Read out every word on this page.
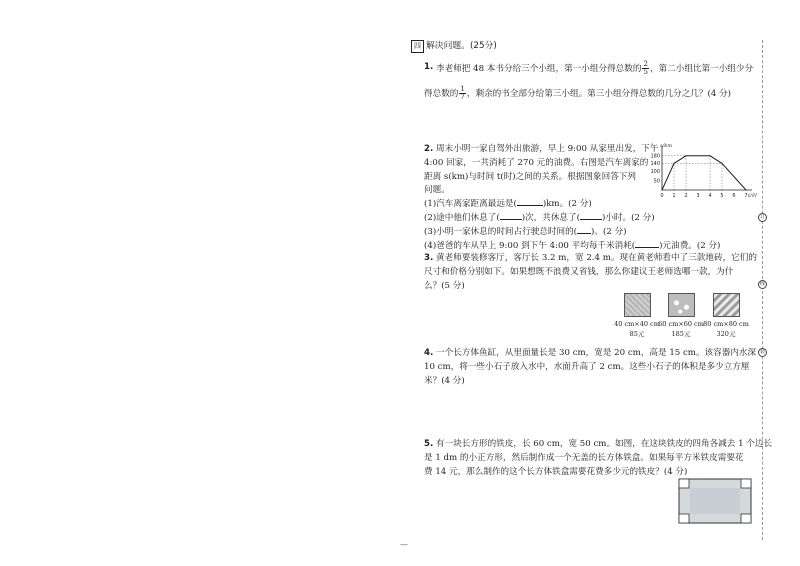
四 解决问题。(25分)
1. 李老师把 48 本书分给三个小组，第一小组分得总数的 $\frac{2}{5}$ ，第二小组比第一小组少分
得总数的 $\frac{1}{7}$ ，剩余的书全部分给第三小组。第三小组分得总数的几分之几？(4 分)
2. 周末小明一家自驾外出旅游，早上 9:00 从家里出发，下午
4:00 回家，一共消耗了 270 元的油费。右图是汽车离家的
距离 s(km)与时间 t(时)之间的关系。根据图象回答下列
问题。
(1)汽车离家距离最远是(	)km。(2 分)
(2)途中他们休息了(	)次，共休息了(	)小时。(2 分)
(3)小明一家休息的时间占行驶总时间的( )。(2 分)
(4)爸爸的车从早上 9:00 到下午 4:00 平均每千米消耗(	)元油费。(2 分)
0 1 2 3 4 5 6 7
50
100
140
180
s/km
t/时
3. 黄老师要装修客厅，客厅长 3.2 m，宽 2.4 m。现在黄老师看中了三款地砖，它们的
尺寸和价格分别如下。如果想既不浪费又省钱，那么你建议王老师选哪一款，为什
么？(5 分)
40 cm×40 cm
60 cm×60 cm 80 cm×80 cm
85元	185元	320元
4. 一个长方体鱼缸，从里面量长是 30 cm，宽是 20 cm，高是 15 cm。该容器内水深
10 cm，将一些小石子放入水中，水面升高了 2 cm。这些小石子的体积是多少立方厘
米？(4 分)
5. 有一块长方形的铁皮，长 60 cm，宽 50 cm。如图，在这块铁皮的四角各减去 1 个边长
是 1 dm 的小正方形，然后制作成一个无盖的长方体铁盒。如果每平方米铁皮需要花
费 14 元，那么制作的这个长方体铁盒需要花费多少元的铁皮？(4 分)
订
线
装
—
